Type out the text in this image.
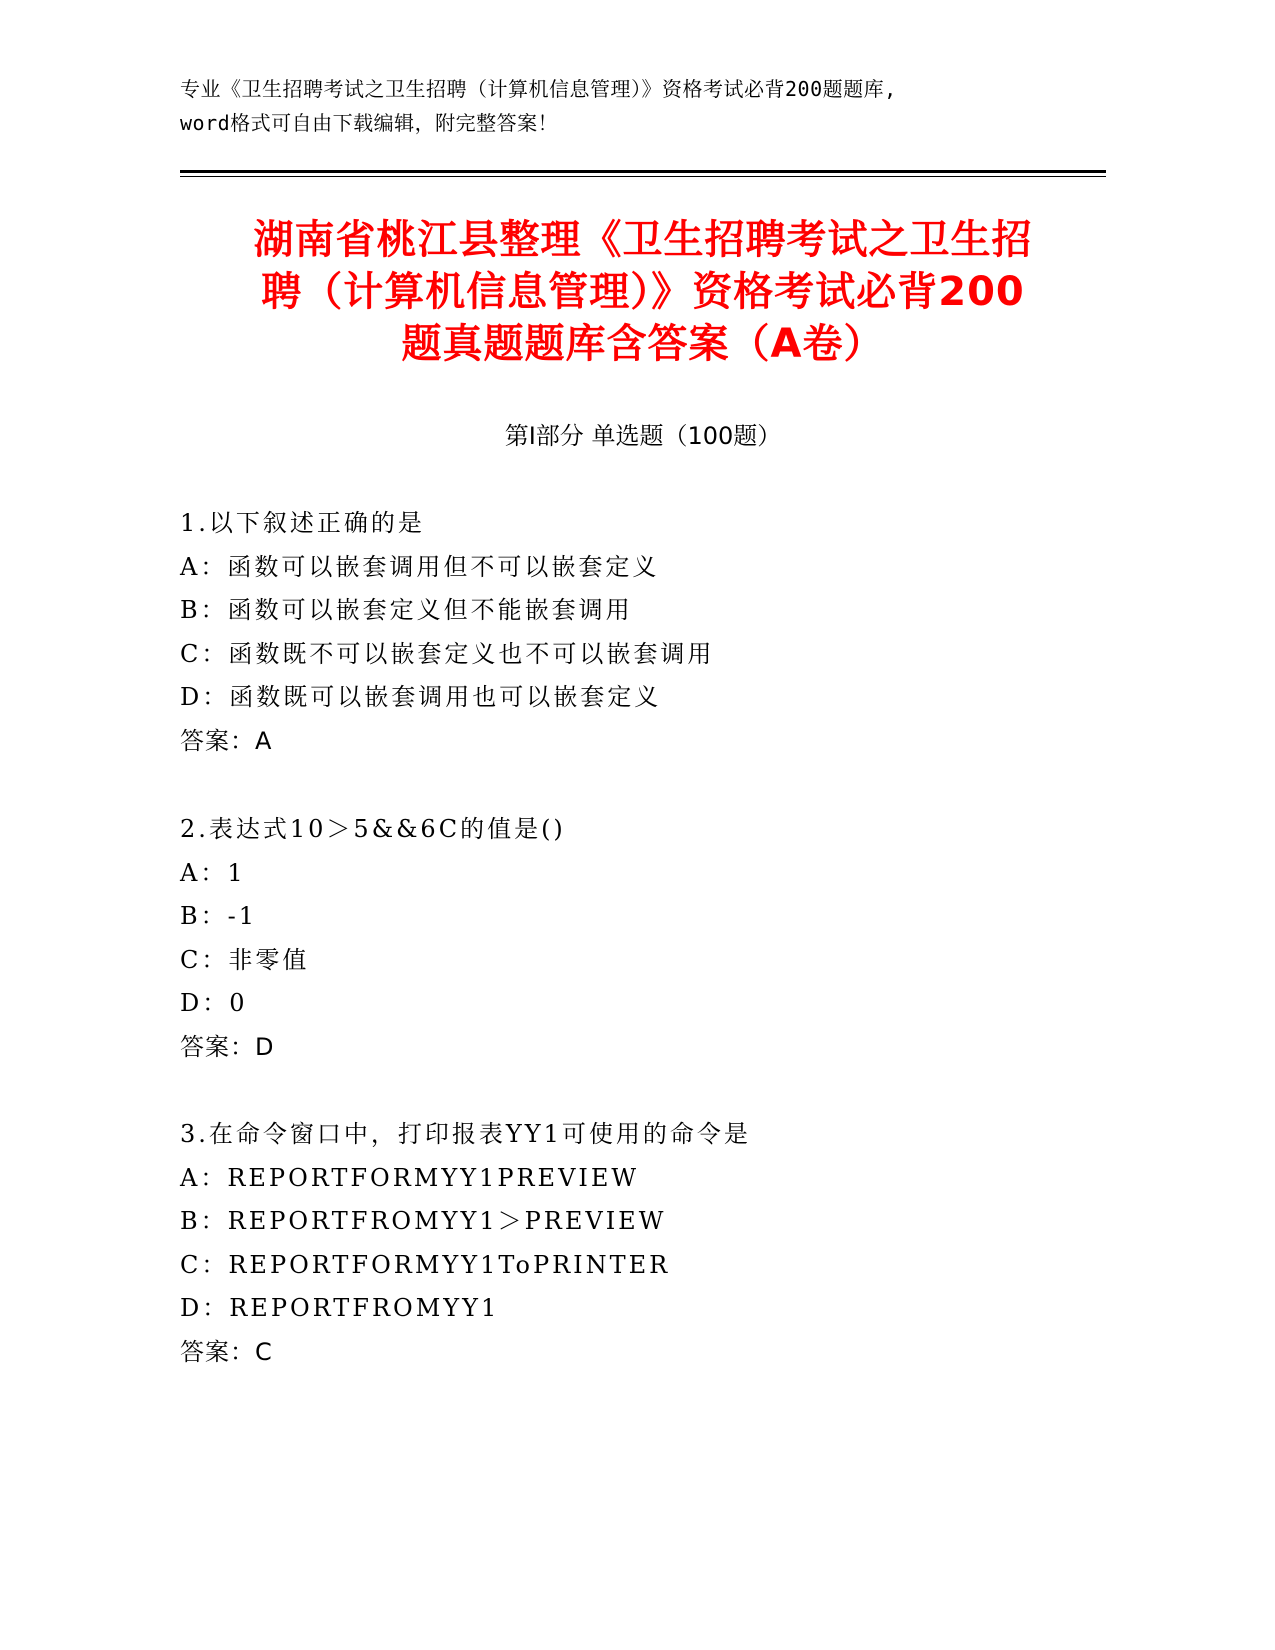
专业《卫生招聘考试之卫生招聘（计算机信息管理）》资格考试必背200题题库,
word格式可自由下载编辑，附完整答案！
湖南省桃江县整理《卫生招聘考试之卫生招
聘（计算机信息管理）》资格考试必背200
题真题题库含答案（A卷）
第Ⅰ部分 单选题（100题）
1.以下叙述正确的是
A：函数可以嵌套调用但不可以嵌套定义
B：函数可以嵌套定义但不能嵌套调用
C：函数既不可以嵌套定义也不可以嵌套调用
D：函数既可以嵌套调用也可以嵌套定义
答案：A
2.表达式10＞5&&6C的值是()
A：1
B：-1
C：非零值
D：0
答案：D
3.在命令窗口中，打印报表YY1可使用的命令是
A：REPORTFORMYY1PREVIEW
B：REPORTFROMYY1＞PREVIEW
C：REPORTFORMYY1ToPRINTER
D：REPORTFROMYY1
答案：C
